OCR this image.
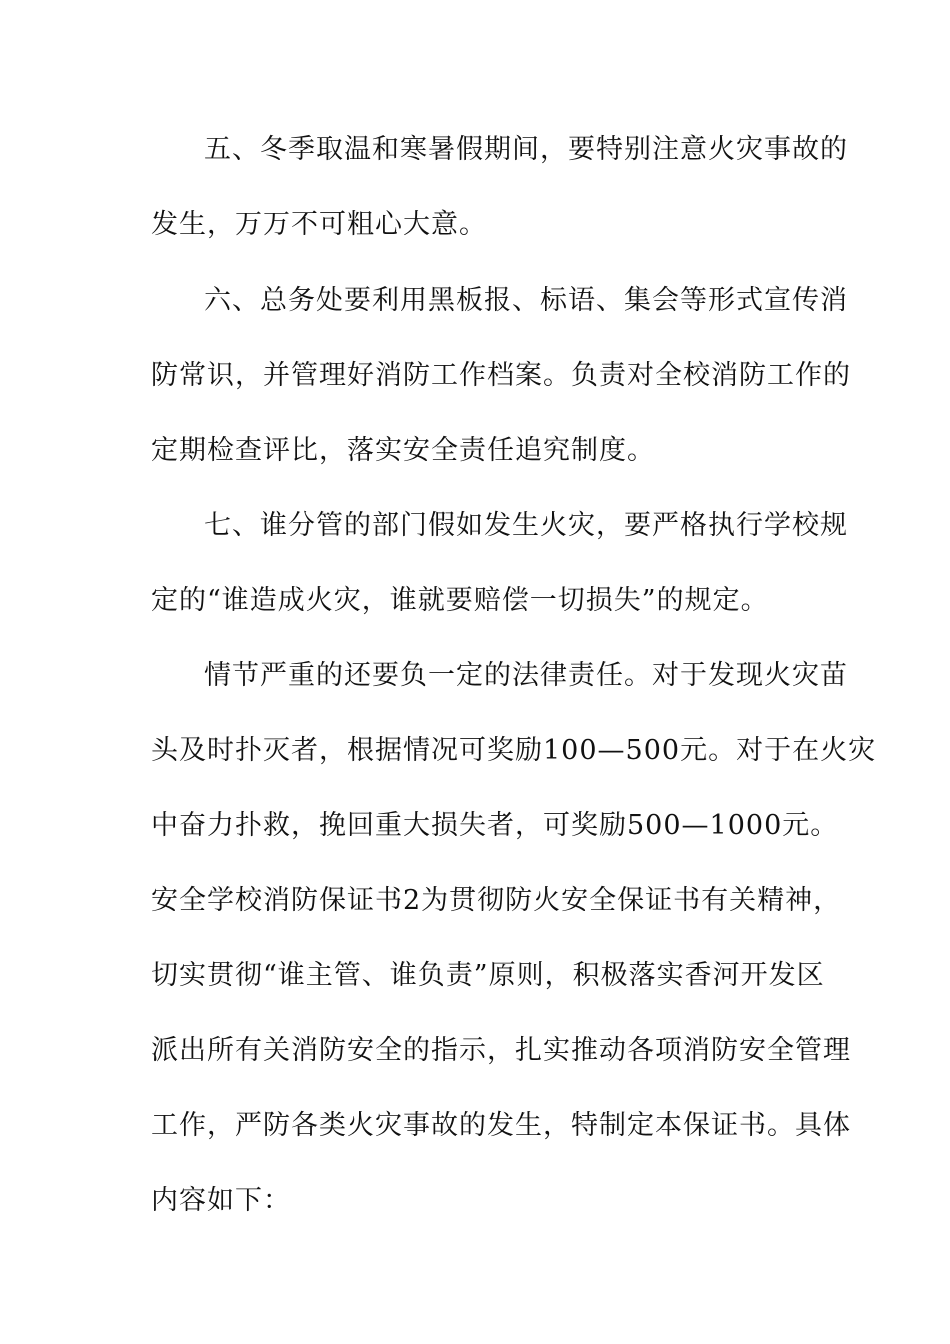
五、冬季取温和寒暑假期间，要特别注意火灾事故的
发生，万万不可粗心大意。
六、总务处要利用黑板报、标语、集会等形式宣传消
防常识，并管理好消防工作档案。负责对全校消防工作的
定期检查评比，落实安全责任追究制度。
七、谁分管的部门假如发生火灾，要严格执行学校规
定的“谁造成火灾，谁就要赔偿一切损失”的规定。
情节严重的还要负一定的法律责任。对于发现火灾苗
头及时扑灭者，根据情况可奖励100—500元。对于在火灾
中奋力扑救，挽回重大损失者，可奖励500—1000元。
安全学校消防保证书2为贯彻防火安全保证书有关精神，
切实贯彻“谁主管、谁负责”原则，积极落实香河开发区
派出所有关消防安全的指示，扎实推动各项消防安全管理
工作，严防各类火灾事故的发生，特制定本保证书。具体
内容如下：
